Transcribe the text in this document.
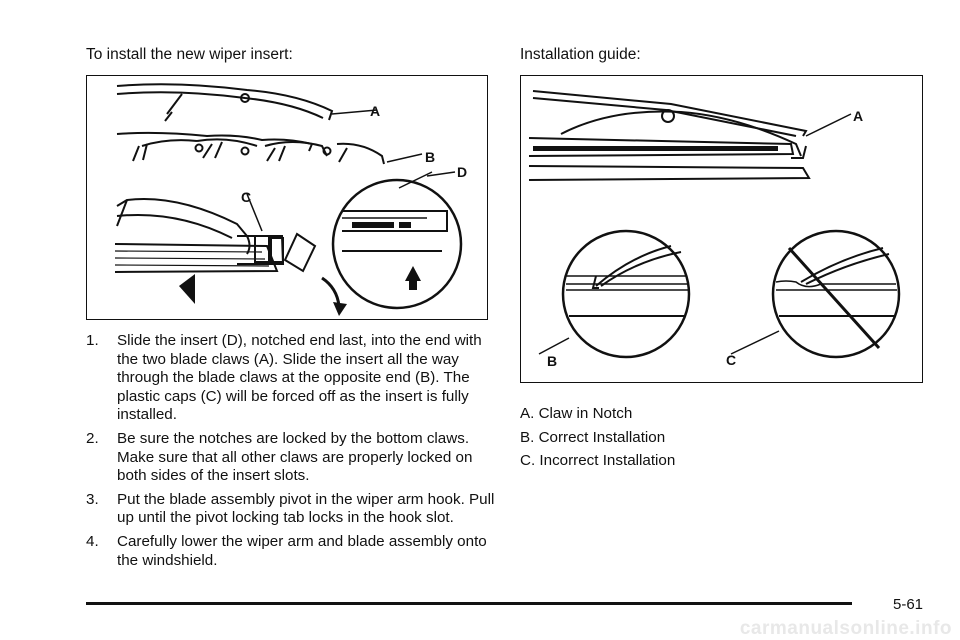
To install the new wiper insert:	Installation guide:
A
B
D
C
A
B	C
1. Slide the insert (D), notched end last, into the end with the two blade claws (A). Slide the insert all the way through the blade claws at the opposite end (B). The plastic caps (C) will be forced off as the insert is fully installed.
2. Be sure the notches are locked by the bottom claws. Make sure that all other claws are properly locked on both sides of the insert slots.
3. Put the blade assembly pivot in the wiper arm hook. Pull up until the pivot locking tab locks in the hook slot.
4. Carefully lower the wiper arm and blade assembly onto the windshield.
A. Claw in Notch
B. Correct Installation
C. Incorrect Installation
5-61
carmanualsonline.info
